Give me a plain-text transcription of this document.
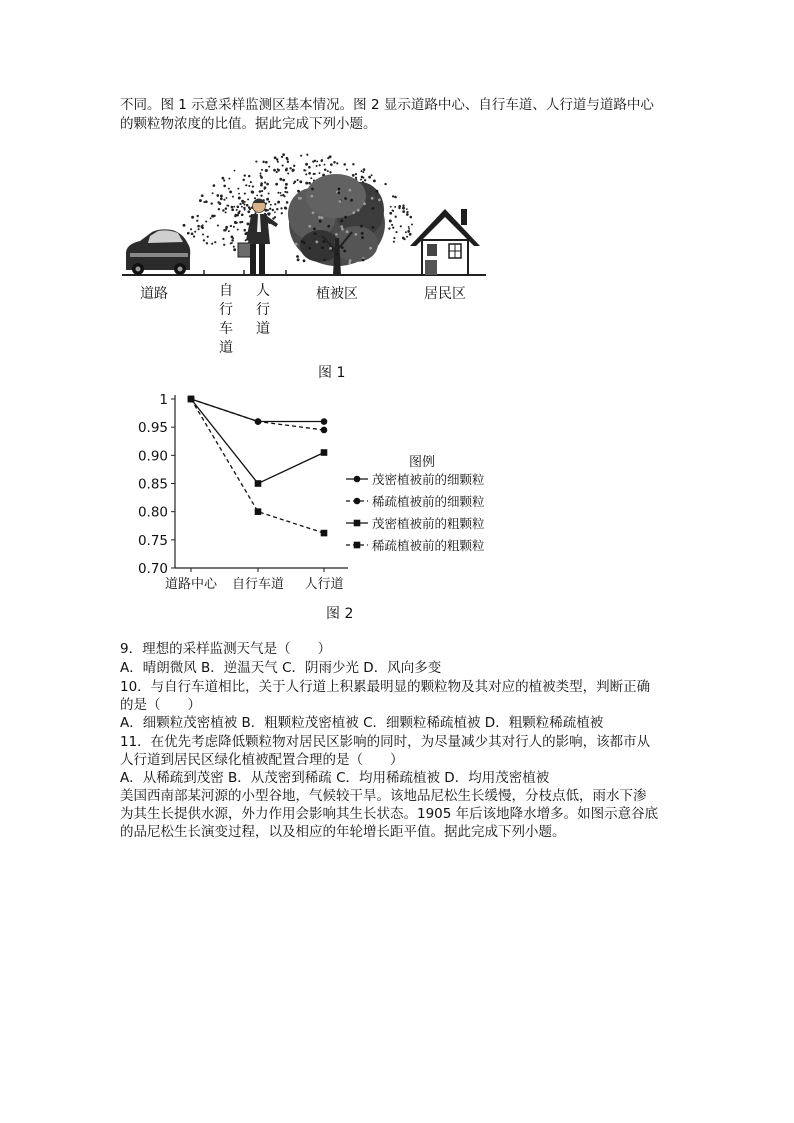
不同。图 1 示意采样监测区基本情况。图 2 显示道路中心、自行车道、人行道与道路中心
的颗粒物浓度的比值。据此完成下列小题。
道路	自行车道
人行道
植被区	居民区
图 1
1
0.95
0.90
0.85
0.80
0.75
0.70
道路中心 自行车道 人行道
图例
茂密植被前的细颗粒
稀疏植被前的细颗粒
茂密植被前的粗颗粒
稀疏植被前的粗颗粒
图 2
9．理想的采样监测天气是（　　）
A．晴朗微风 B．逆温天气 C．阴雨少光 D．风向多变
10．与自行车道相比，关于人行道上积累最明显的颗粒物及其对应的植被类型，判断正确
的是（　　）
A．细颗粒茂密植被 B．粗颗粒茂密植被 C．细颗粒稀疏植被 D．粗颗粒稀疏植被
11．在优先考虑降低颗粒物对居民区影响的同时，为尽量减少其对行人的影响，该都市从
人行道到居民区绿化植被配置合理的是（　　）
A．从稀疏到茂密 B．从茂密到稀疏 C．均用稀疏植被 D．均用茂密植被
美国西南部某河源的小型谷地，气候较干旱。该地品尼松生长缓慢，分枝点低，雨水下渗
为其生长提供水源，外力作用会影响其生长状态。1905 年后该地降水增多。如图示意谷底
的品尼松生长演变过程，以及相应的年轮增长距平值。据此完成下列小题。
